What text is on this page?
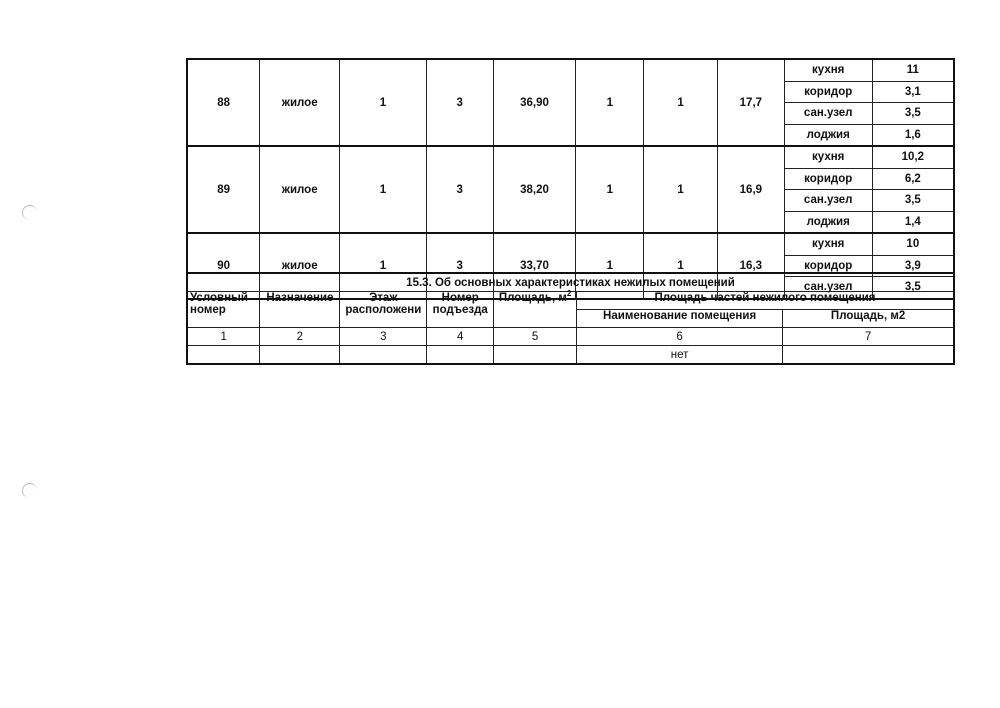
88	жилое	1	3	36,90	1	1	17,7	кухня	11
								коридор	3,1
								сан.узел	3,5
								лоджия	1,6
89	жилое	1	3	38,20	1	1	16,9	кухня	10,2
								коридор	6,2
								сан.узел	3,5
								лоджия	1,4
90	жилое	1	3	33,70	1	1	16,3	кухня	10
								коридор	3,9
								сан.узел	3,5
15.3. Об основных характеристиках нежилых помещений						
Условный номер	Назначение	Этаж расположени	Номер подъезда	Площадь, $м^2$	Площадь частей нежилого помещения	
					Наименование помещения	Площадь, м2
1	2	3	4	5	6	7
					нет	
